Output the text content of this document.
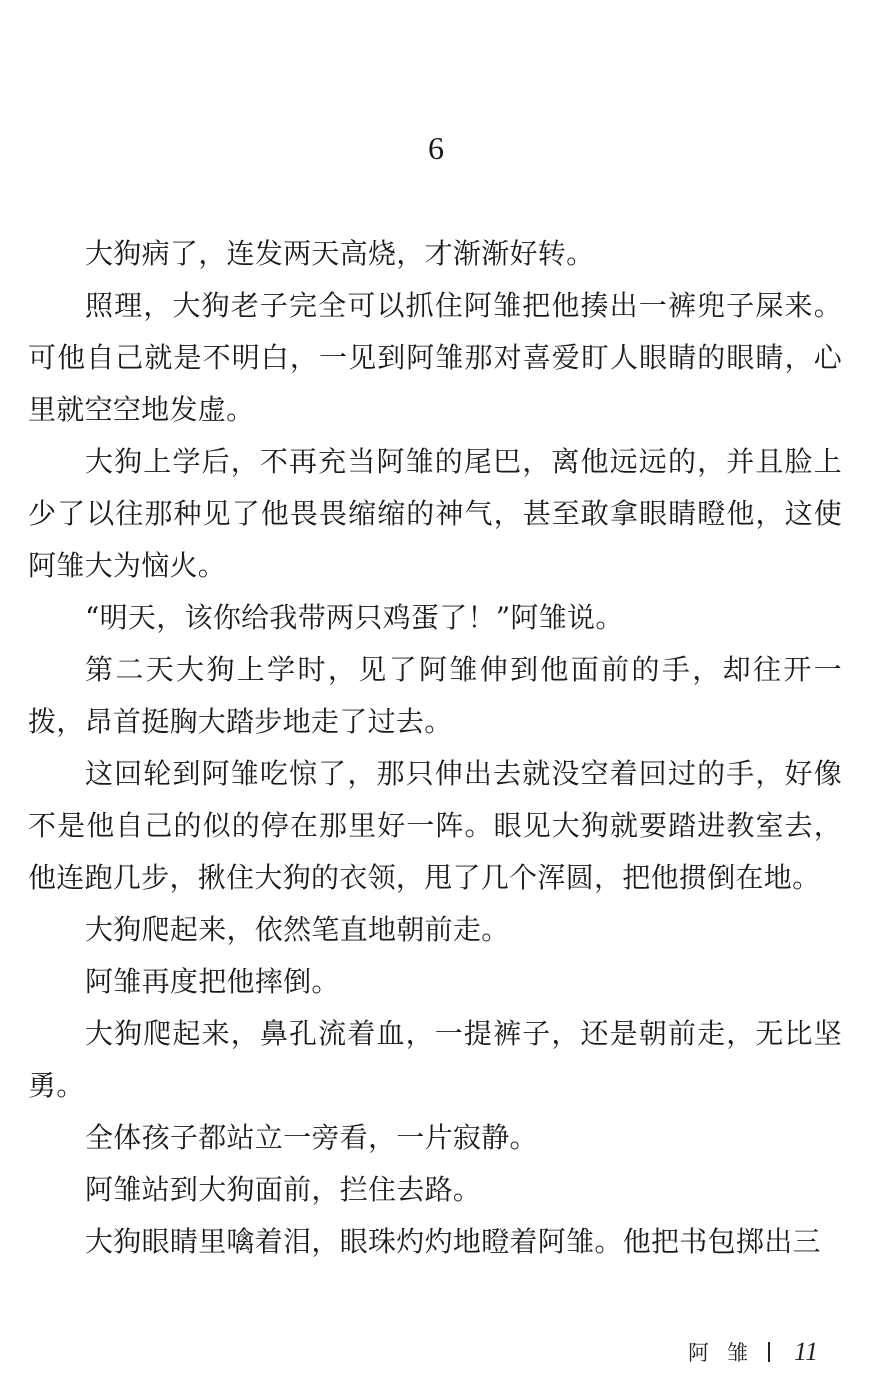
6

大狗病了，连发两天高烧，才渐渐好转。

照理，大狗老子完全可以抓住阿雏把他揍出一裤兜子屎来。可他自己就是不明白，一见到阿雏那对喜爱盯人眼睛的眼睛，心里就空空地发虚。

大狗上学后，不再充当阿雏的尾巴，离他远远的，并且脸上少了以往那种见了他畏畏缩缩的神气，甚至敢拿眼睛瞪他，这使阿雏大为恼火。

“明天，该你给我带两只鸡蛋了！”阿雏说。

第二天大狗上学时，见了阿雏伸到他面前的手，却往开一拨，昂首挺胸大踏步地走了过去。

这回轮到阿雏吃惊了，那只伸出去就没空着回过的手，好像不是他自己的似的停在那里好一阵。眼见大狗就要踏进教室去，他连跑几步，揪住大狗的衣领，甩了几个浑圆，把他掼倒在地。

大狗爬起来，依然笔直地朝前走。

阿雏再度把他摔倒。

大狗爬起来，鼻孔流着血，一提裤子，还是朝前走，无比坚勇。

全体孩子都站立一旁看，一片寂静。

阿雏站到大狗面前，拦住去路。

大狗眼睛里噙着泪，眼珠灼灼地瞪着阿雏。他把书包掷出三

阿雏 11
